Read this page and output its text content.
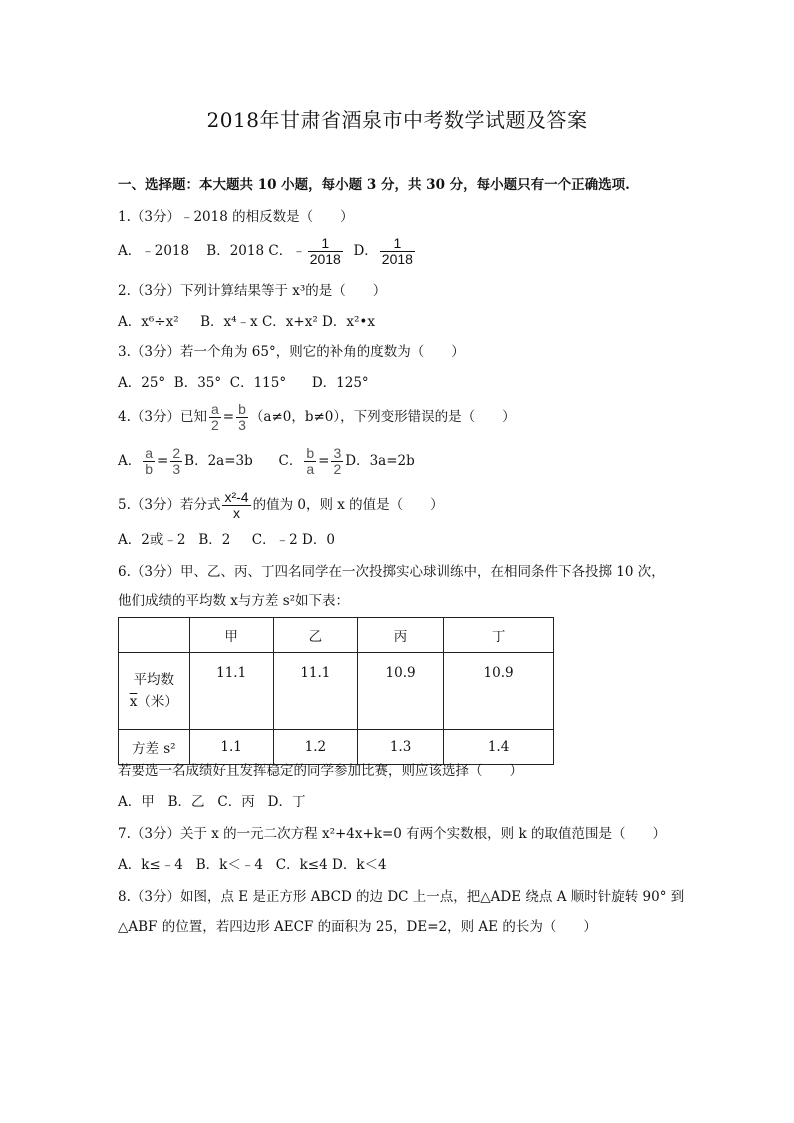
2018年甘肃省酒泉市中考数学试题及答案
一、选择题：本大题共 10 小题，每小题 3 分，共 30 分，每小题只有一个正确选项.
1.（3分）﹣2018 的相反数是（　　）
A．﹣2018 B．2018 C．﹣ $\frac{1}{2018}$ D． $\frac{1}{2018}$
2.（3分）下列计算结果等于 x³的是（　　）
A．x⁶÷x² B．x⁴﹣x C．x+x² D．x²•x
3.（3分）若一个角为 65°，则它的补角的度数为（　　）
A．25° B．35° C．115° D．125°
4.（3分）已知 $\frac{a}{2} = \frac{b}{3} (a\ne 0$，b≠0），下列变形错误的是（　　）
A． $\frac{a}{b} = \frac{2}{3}$ B．2a=3b C． $\frac{b}{a} = \frac{3}{2}$ D．3a=2b
5.（3分）若分式 $\frac{\text{x²-4}}{x}$ 的值为 0，则 x 的值是（　　）
A．2或﹣2 B．2 C．﹣2 D．0
6.（3分）甲、乙、丙、丁四名同学在一次投掷实心球训练中，在相同条件下各投掷 10 次，
他们成绩的平均数 x与方差 s²如下表：
	甲	乙	丙	丁

平均数
$\overline{x}$（米）	11.1	11.1	10.9	10.9
方差 s²	1.1	1.2	1.3	1.4
若要选一名成绩好且发挥稳定的同学参加比赛，则应该选择（　　）
A．甲 B．乙 C．丙 D．丁
7.（3分）关于 x 的一元二次方程 x²+4x+k=0 有两个实数根，则 k 的取值范围是（　　）
A．k≤﹣4 B．k＜﹣4 C．k≤4 D．k＜4
8.（3分）如图，点 E 是正方形 ABCD 的边 DC 上一点，把△ADE 绕点 A 顺时针旋转 90° 到
△ABF 的位置，若四边形 AECF 的面积为 25，DE=2，则 AE 的长为（　　）
